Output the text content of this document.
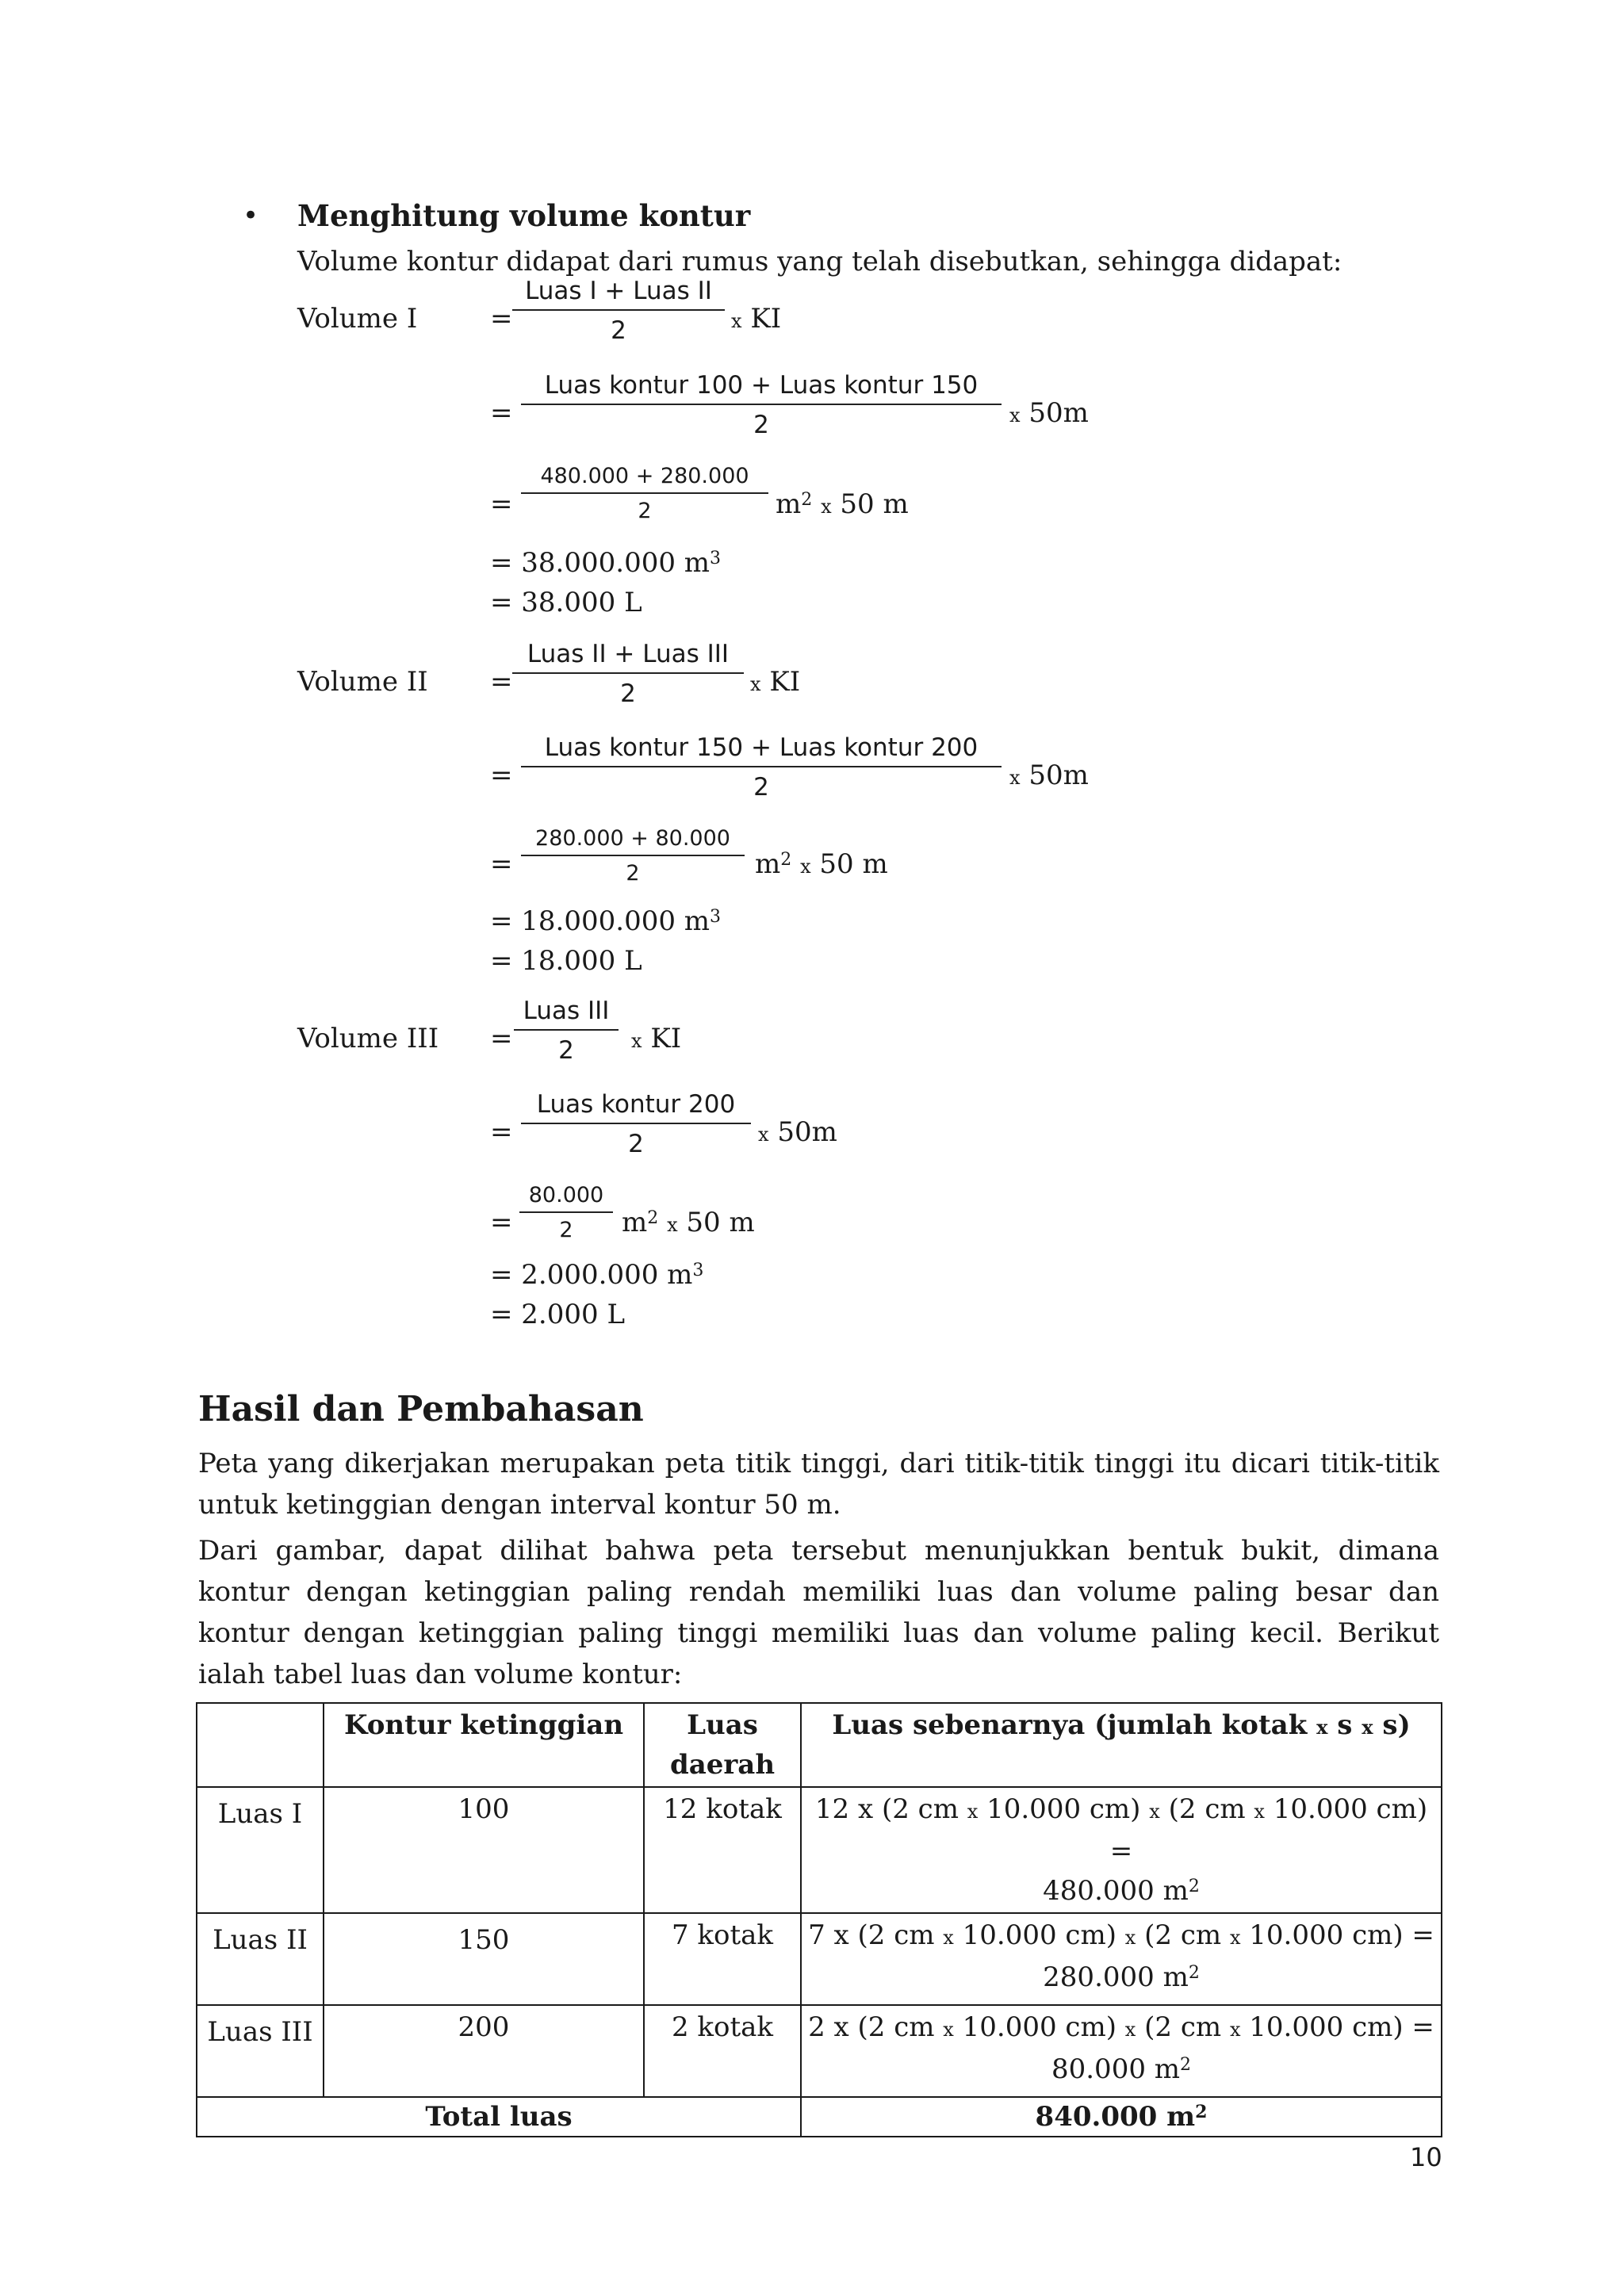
• Menghitung volume kontur
Volume kontur didapat dari rumus yang telah disebutkan, sehingga didapat:
Volume I	=
Luas I + Luas II
2	x KI
=
Luas kontur 100 + Luas kontur 150
2	x 50m
=
480.000 + 280.000
2	$m^2$ x 50 m
= 38.000.000 $m^3$
= 38.000 L
Volume II =
Luas II + Luas III
2	x KI
=
Luas kontur 150 + Luas kontur 200
2	x 50m
=
280.000 + 80.000
2	$m^2$ x 50 m
= 18.000.000 $m^3$
= 18.000 L
Volume III =
Luas III
2	x KI
=
Luas kontur 200
2	x 50m
=
80.000
2	$m^2$ x 50 m
= 2.000.000 $m^3$
= 2.000 L
Hasil dan Pembahasan
Peta yang dikerjakan merupakan peta titik tinggi, dari titik-titik tinggi itu dicari titik-titik untuk ketinggian dengan interval kontur 50 m.
Dari gambar, dapat dilihat bahwa peta tersebut menunjukkan bentuk bukit, dimana kontur dengan ketinggian paling rendah memiliki luas dan volume paling besar dan kontur dengan ketinggian paling tinggi memiliki luas dan volume paling kecil. Berikut ialah tabel luas dan volume kontur:
	Kontur ketinggian	Luas daerah	Luas sebenarnya (jumlah kotak x s x s)
Luas I	100	12 kotak	12 x (2 cm x 10.000 cm) x (2 cm x 10.000 cm) =
480.000 $m^2$
Luas II	150	7 kotak	7 x (2 cm x 10.000 cm) x (2 cm x 10.000 cm) =
280.000 $m^2$
Luas III	200	2 kotak	2 x (2 cm x 10.000 cm) x (2 cm x 10.000 cm) =
80.000 $m^2$
Total luas			840.000 $m^2$
10
